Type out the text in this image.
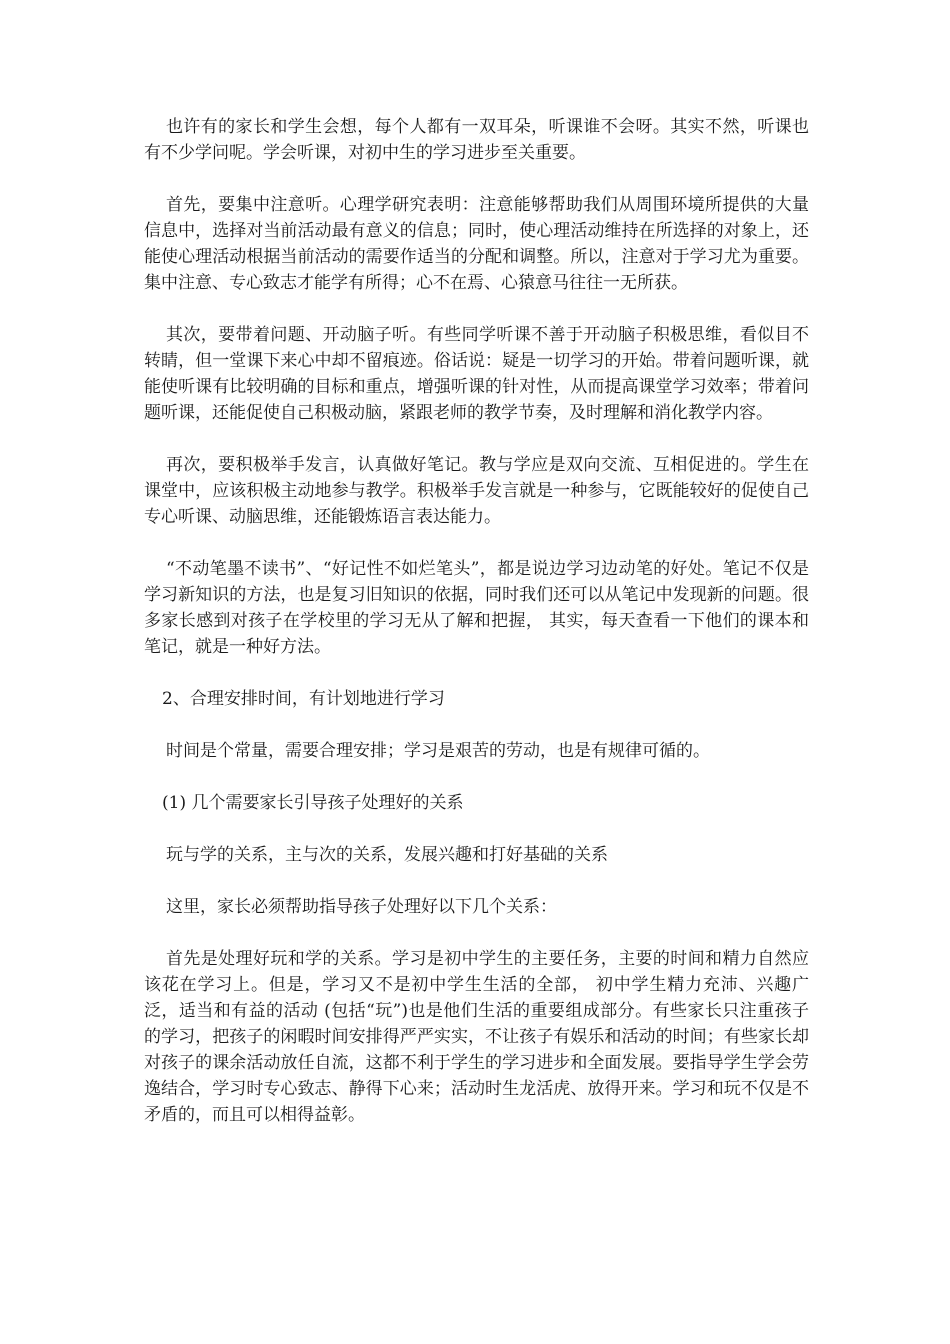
也许有的家长和学生会想，每个人都有一双耳朵，听课谁不会呀。其实不然，听课也有不少学问呢。学会听课，对初中生的学习进步至关重要。

首先，要集中注意听。心理学研究表明：注意能够帮助我们从周围环境所提供的大量信息中，选择对当前活动最有意义的信息；同时，使心理活动维持在所选择的对象上，还能使心理活动根据当前活动的需要作适当的分配和调整。所以，注意对于学习尤为重要。集中注意、专心致志才能学有所得；心不在焉、心猿意马往往一无所获。

其次，要带着问题、开动脑子听。有些同学听课不善于开动脑子积极思维，看似目不转睛，但一堂课下来心中却不留痕迹。俗话说：疑是一切学习的开始。带着问题听课，就能使听课有比较明确的目标和重点，增强听课的针对性，从而提高课堂学习效率；带着问题听课，还能促使自己积极动脑，紧跟老师的教学节奏，及时理解和消化教学内容。

再次，要积极举手发言，认真做好笔记。教与学应是双向交流、互相促进的。学生在课堂中，应该积极主动地参与教学。积极举手发言就是一种参与，它既能较好的促使自己专心听课、动脑思维，还能锻炼语言表达能力。

“不动笔墨不读书”、“好记性不如烂笔头”，都是说边学习边动笔的好处。笔记不仅是学习新知识的方法，也是复习旧知识的依据，同时我们还可以从笔记中发现新的问题。很多家长感到对孩子在学校里的学习无从了解和把握， 其实，每天查看一下他们的课本和笔记，就是一种好方法。

2、合理安排时间，有计划地进行学习

时间是个常量，需要合理安排；学习是艰苦的劳动，也是有规律可循的。

(1) 几个需要家长引导孩子处理好的关系

玩与学的关系，主与次的关系，发展兴趣和打好基础的关系

这里，家长必须帮助指导孩子处理好以下几个关系：

首先是处理好玩和学的关系。学习是初中学生的主要任务，主要的时间和精力自然应该花在学习上。但是，学习又不是初中学生生活的全部， 初中学生精力充沛、兴趣广泛，适当和有益的活动 (包括“玩”)也是他们生活的重要组成部分。有些家长只注重孩子的学习，把孩子的闲暇时间安排得严严实实，不让孩子有娱乐和活动的时间；有些家长却对孩子的课余活动放任自流，这都不利于学生的学习进步和全面发展。要指导学生学会劳逸结合，学习时专心致志、静得下心来；活动时生龙活虎、放得开来。学习和玩不仅是不矛盾的，而且可以相得益彰。
